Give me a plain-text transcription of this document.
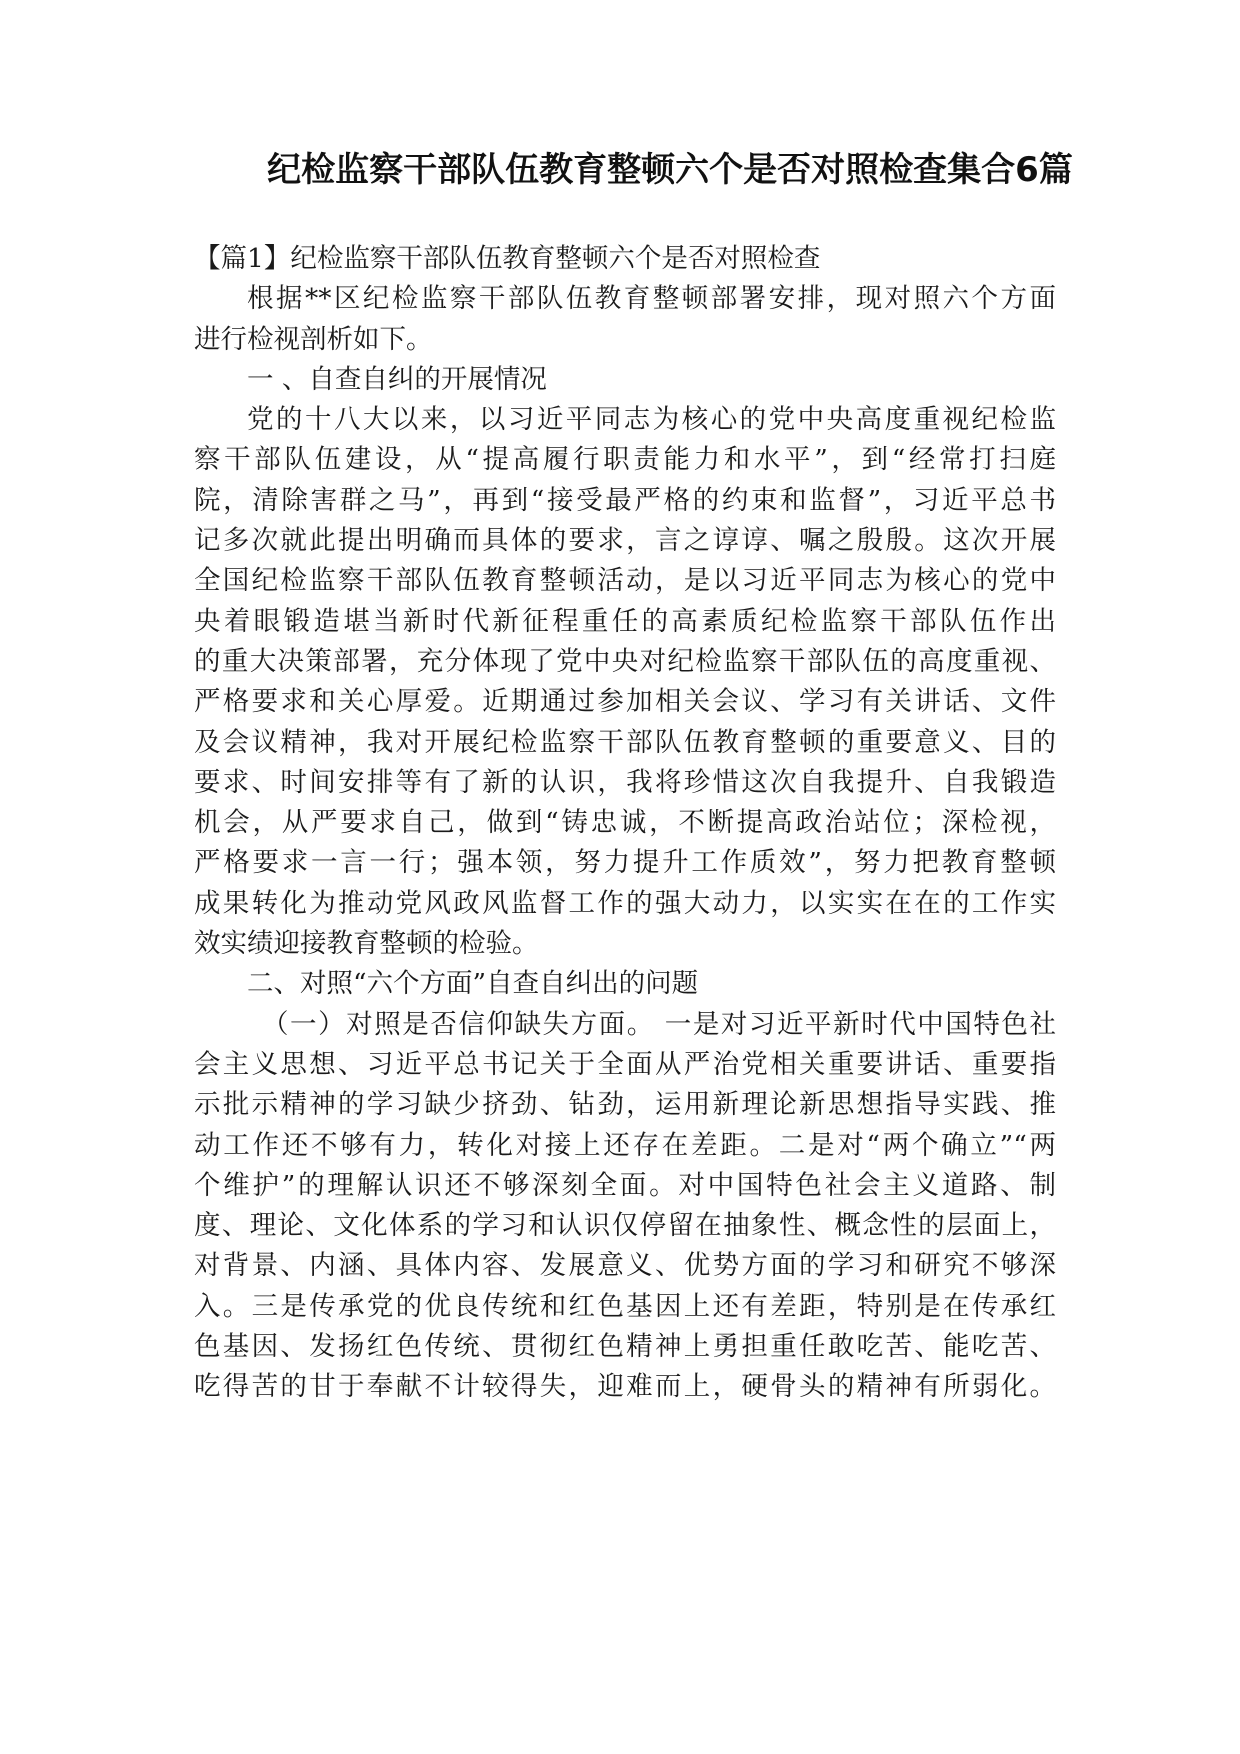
纪检监察干部队伍教育整顿六个是否对照检查集合6篇
【篇1】纪检监察干部队伍教育整顿六个是否对照检查
根据**区纪检监察干部队伍教育整顿部署安排，现对照六个方面
进行检视剖析如下。
一 、自查自纠的开展情况
党的十八大以来，以习近平同志为核心的党中央高度重视纪检监
察干部队伍建设，从“提高履行职责能力和水平”，到“经常打扫庭
院，清除害群之马”，再到“接受最严格的约束和监督”，习近平总书
记多次就此提出明确而具体的要求，言之谆谆、嘱之殷殷。这次开展
全国纪检监察干部队伍教育整顿活动，是以习近平同志为核心的党中
央着眼锻造堪当新时代新征程重任的高素质纪检监察干部队伍作出
的重大决策部署，充分体现了党中央对纪检监察干部队伍的高度重视、
严格要求和关心厚爱。近期通过参加相关会议、学习有关讲话、文件
及会议精神，我对开展纪检监察干部队伍教育整顿的重要意义、目的
要求、时间安排等有了新的认识，我将珍惜这次自我提升、自我锻造
机会，从严要求自己，做到“铸忠诚，不断提高政治站位；深检视，
严格要求一言一行；强本领，努力提升工作质效”，努力把教育整顿
成果转化为推动党风政风监督工作的强大动力，以实实在在的工作实
效实绩迎接教育整顿的检验。
二、对照“六个方面”自查自纠出的问题
（一）对照是否信仰缺失方面。 一是对习近平新时代中国特色社
会主义思想、习近平总书记关于全面从严治党相关重要讲话、重要指
示批示精神的学习缺少挤劲、钻劲，运用新理论新思想指导实践、推
动工作还不够有力，转化对接上还存在差距。二是对“两个确立”“两
个维护”的理解认识还不够深刻全面。对中国特色社会主义道路、制
度、理论、文化体系的学习和认识仅停留在抽象性、概念性的层面上，
对背景、内涵、具体内容、发展意义、优势方面的学习和研究不够深
入。三是传承党的优良传统和红色基因上还有差距，特别是在传承红
色基因、发扬红色传统、贯彻红色精神上勇担重任敢吃苦、能吃苦、
吃得苦的甘于奉献不计较得失，迎难而上，硬骨头的精神有所弱化。
